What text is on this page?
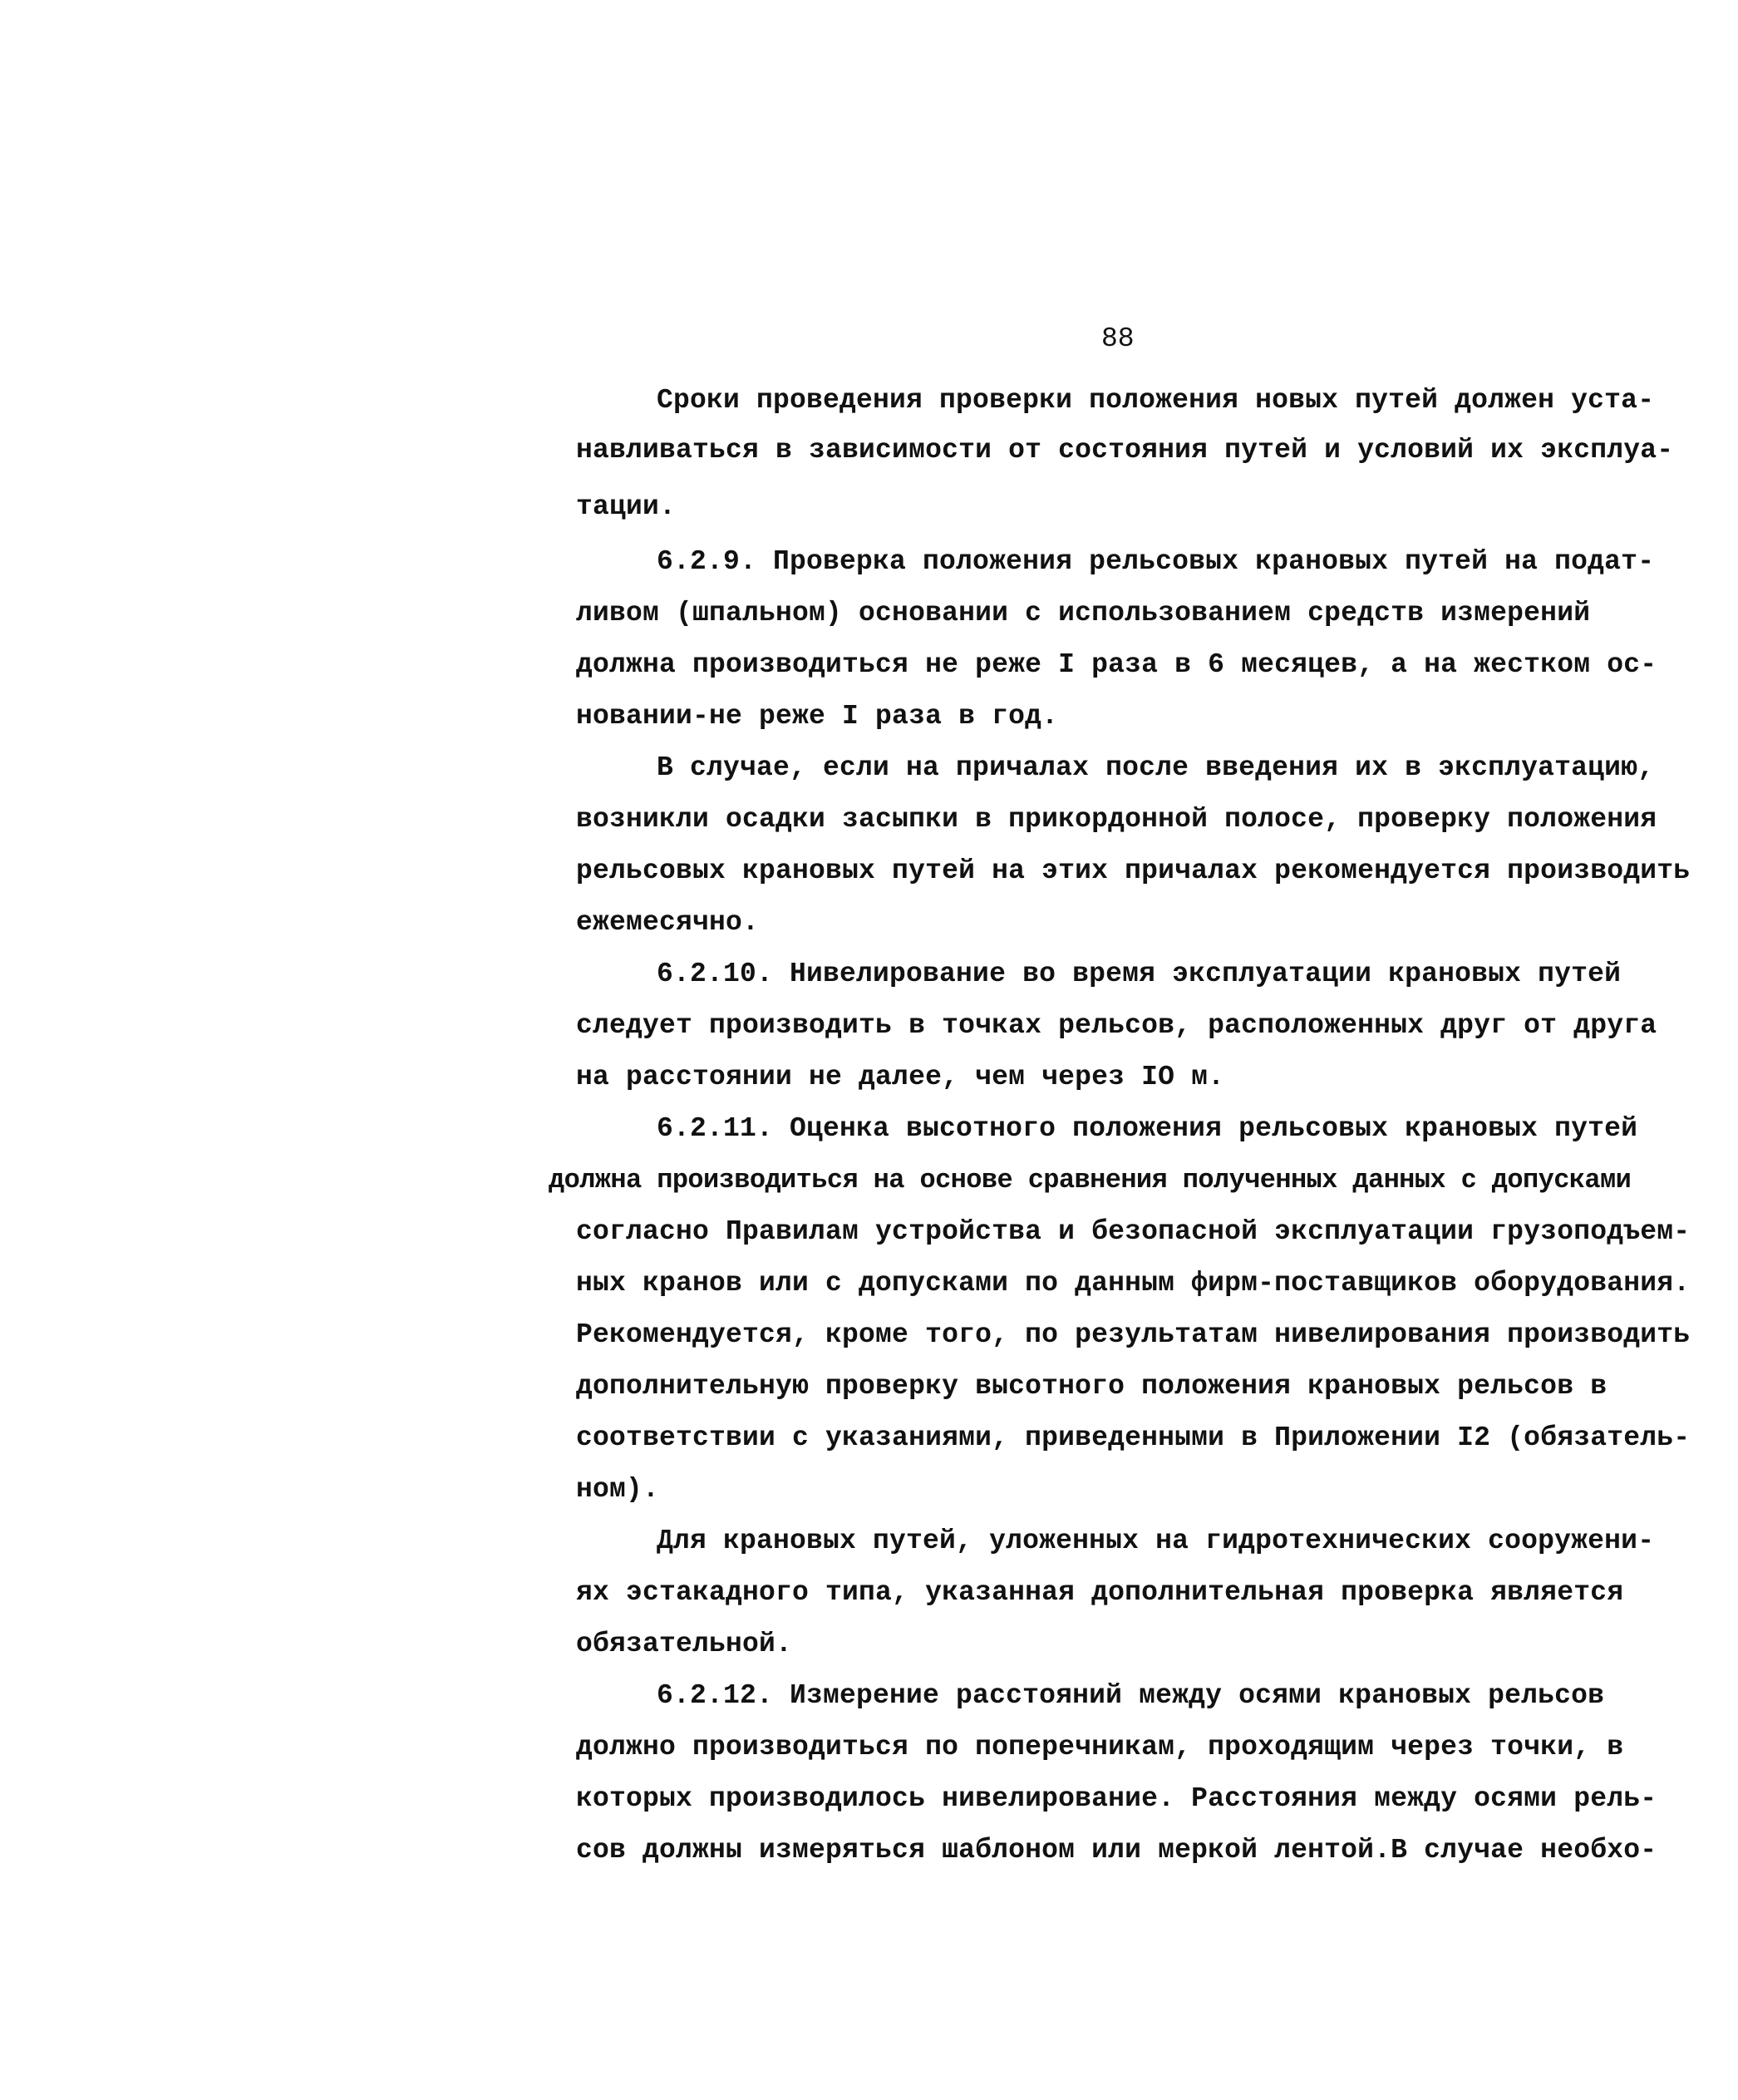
88
Сроки проведения проверки положения новых путей должен уста-
навливаться в зависимости от состояния путей и условий их эксплуа-
тации.
6.2.9. Проверка положения рельсовых крановых путей на подат-
ливом (шпальном) основании с использованием средств измерений
должна производиться не реже I раза в 6 месяцев, а на жестком ос-
новании-не реже I раза в год.
В случае, если на причалах после введения их в эксплуатацию,
возникли осадки засыпки в прикордонной полосе, проверку положения
рельсовых крановых путей на этих причалах рекомендуется производить
ежемесячно.
6.2.10. Нивелирование во время эксплуатации крановых путей
следует производить в точках рельсов, расположенных друг от друга
на расстоянии не далее, чем через IO м.
6.2.11. Оценка высотного положения рельсовых крановых путей
должна производиться на основе сравнения полученных данных с допусками
согласно Правилам устройства и безопасной эксплуатации грузоподъем-
ных кранов или с допусками по данным фирм-поставщиков оборудования.
Рекомендуется, кроме того, по результатам нивелирования производить
дополнительную проверку высотного положения крановых рельсов в
соответствии с указаниями, приведенными в Приложении I2 (обязатель-
ном).
Для крановых путей, уложенных на гидротехнических сооружени-
ях эстакадного типа, указанная дополнительная проверка является
обязательной.
6.2.12. Измерение расстояний между осями крановых рельсов
должно производиться по поперечникам, проходящим через точки, в
которых производилось нивелирование. Расстояния между осями рель-
сов должны измеряться шаблоном или меркой лентой.В случае необхо-
